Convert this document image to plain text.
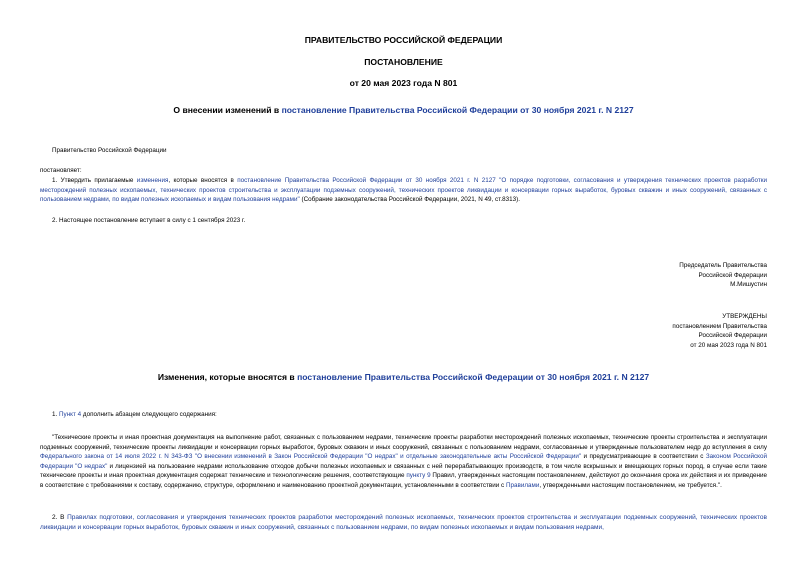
ПРАВИТЕЛЬСТВО РОССИЙСКОЙ ФЕДЕРАЦИИ
ПОСТАНОВЛЕНИЕ
от 20 мая 2023 года N 801
О внесении изменений в постановление Правительства Российской Федерации от 30 ноября 2021 г. N 2127
Правительство Российской Федерации
постановляет:
1. Утвердить прилагаемые изменения, которые вносятся в постановление Правительства Российской Федерации от 30 ноября 2021 г. N 2127 "О порядке подготовки, согласования и утверждения технических проектов разработки месторождений полезных ископаемых, технических проектов строительства и эксплуатации подземных сооружений, технических проектов ликвидации и консервации горных выработок, буровых скважин и иных сооружений, связанных с пользованием недрами, по видам полезных ископаемых и видам пользования недрами" (Собрание законодательства Российской Федерации, 2021, N 49, ст.8313).
2. Настоящее постановление вступает в силу с 1 сентября 2023 г.
Председатель Правительства
Российской Федерации
М.Мишустин
УТВЕРЖДЕНЫ
постановлением Правительства
Российской Федерации
от 20 мая 2023 года N 801
Изменения, которые вносятся в постановление Правительства Российской Федерации от 30 ноября 2021 г. N 2127
1. Пункт 4 дополнить абзацем следующего содержания:
"Технические проекты и иная проектная документация на выполнение работ, связанных с пользованием недрами, технические проекты разработки месторождений полезных ископаемых, технические проекты строительства и эксплуатации подземных сооружений, технические проекты ликвидации и консервации горных выработок, буровых скважин и иных сооружений, связанных с пользованием недрами, согласованные и утвержденные пользователем недр до вступления в силу Федерального закона от 14 июля 2022 г. N 343-ФЗ "О внесении изменений в Закон Российской Федерации "О недрах" и отдельные законодательные акты Российской Федерации" и предусматривающие в соответствии с Законом Российской Федерации "О недрах" и лицензией на пользование недрами использование отходов добычи полезных ископаемых и связанных с ней перерабатывающих производств, в том числе вскрышных и вмещающих горных пород, в случае если такие технические проекты и иная проектная документация содержат технические и технологические решения, соответствующие пункту 9 Правил, утвержденных настоящим постановлением, действуют до окончания срока их действия и их приведение в соответствие с требованиями к составу, содержанию, структуре, оформлению и наименованию проектной документации, установленными в соответствии с Правилами, утвержденными настоящим постановлением, не требуется.".
2. В Правилах подготовки, согласования и утверждения технических проектов разработки месторождений полезных ископаемых, технических проектов строительства и эксплуатации подземных сооружений, технических проектов ликвидации и консервации горных выработок, буровых скважин и иных сооружений, связанных с пользованием недрами, по видам полезных ископаемых и видам пользования недрами,
